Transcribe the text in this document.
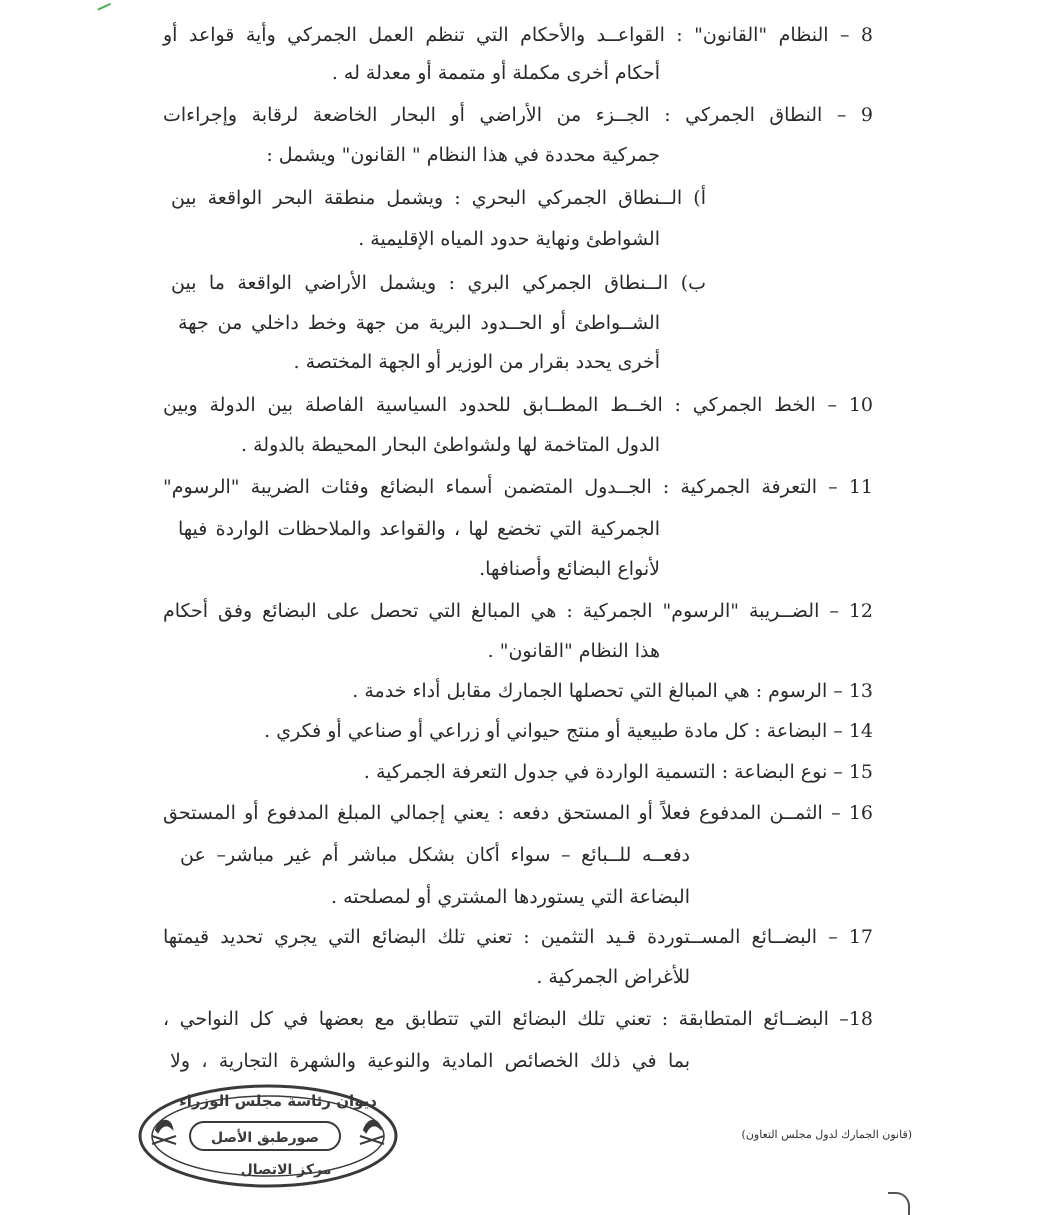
8 – النظام "القانون" : القواعــد والأحكام التي تنظم العمل الجمركي وأية قواعد أو
أحكام أخرى مكملة أو متممة أو معدلة له .
9 – النطاق الجمركي : الجــزء من الأراضي أو البحار الخاضعة لرقابة وإجراءات
جمركية محددة في هذا النظام " القانون" ويشمل :
أ) الــنطاق الجمركي البحري : ويشمل منطقة البحر الواقعة بين
الشواطئ ونهاية حدود المياه الإقليمية .
ب) الــنطاق الجمركي البري : ويشمل الأراضي الواقعة ما بين
الشــواطئ أو الحــدود البرية من جهة وخط داخلي من جهة
أخرى يحدد بقرار من الوزير أو الجهة المختصة .
10 – الخط الجمركي : الخــط المطــابق للحدود السياسية الفاصلة بين الدولة وبين
الدول المتاخمة لها ولشواطئ البحار المحيطة بالدولة .
11 – التعرفة الجمركية : الجــدول المتضمن أسماء البضائع وفئات الضريبة "الرسوم"
الجمركية التي تخضع لها ، والقواعد والملاحظات الواردة فيها
لأنواع البضائع وأصنافها.
12 – الضــريبة "الرسوم" الجمركية : هي المبالغ التي تحصل على البضائع وفق أحكام
هذا النظام "القانون" .
13 – الرسوم : هي المبالغ التي تحصلها الجمارك مقابل أداء خدمة .
14 – البضاعة : كل مادة طبيعية أو منتج حيواني أو زراعي أو صناعي أو فكري .
15 – نوع البضاعة : التسمية الواردة في جدول التعرفة الجمركية .
16 – الثمــن المدفوع فعلاً أو المستحق دفعه : يعني إجمالي المبلغ المدفوع أو المستحق
دفعــه للــبائع – سواء أكان بشكل مباشر أم غير مباشر– عن
البضاعة التي يستوردها المشتري أو لمصلحته .
17 – البضــائع المســتوردة قـيد التثمين : تعني تلك البضائع التي يجري تحديد قيمتها
للأغراض الجمركية .
18– البضــائع المتطابقة : تعني تلك البضائع التي تتطابق مع بعضها في كل النواحي ،
بما في ذلك الخصائص المادية والنوعية والشهرة التجارية ، ولا
ديوان رئاسة مجلس الوزراء
صورطبق الأصل
مركز الاتصال
(قانون الجمارك لدول مجلس التعاون)
